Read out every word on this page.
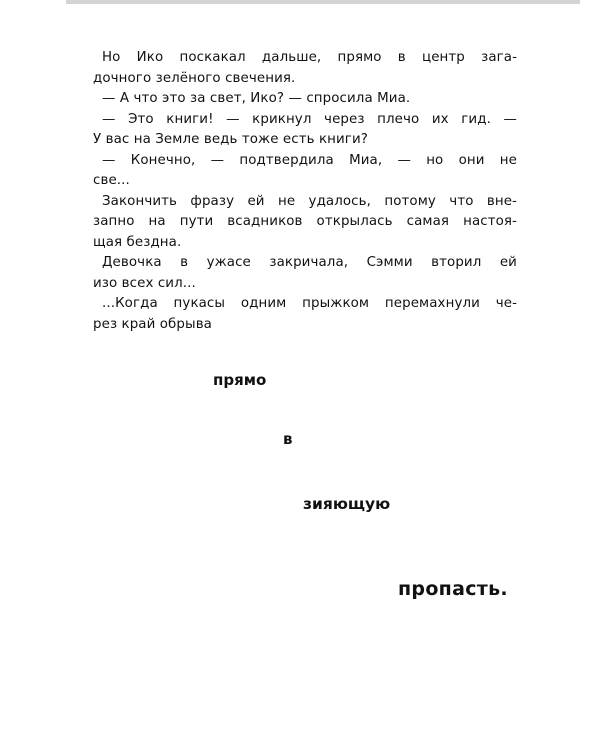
Но Ико поскакал дальше, прямо в центр зага-
дочного зелёного свечения.
— А что это за свет, Ико? — спросила Миа.
— Это книги! — крикнул через плечо их гид. —
У вас на Земле ведь тоже есть книги?
— Конечно, — подтвердила Миа, — но они не
све...
Закончить фразу ей не удалось, потому что вне-
запно на пути всадников открылась самая настоя-
щая бездна.
Девочка в ужасе закричала, Сэмми вторил ей
изо всех сил...
...Когда пукасы одним прыжком перемахнули че-
рез край обрыва
прямо
в
зияющую
пропасть.
